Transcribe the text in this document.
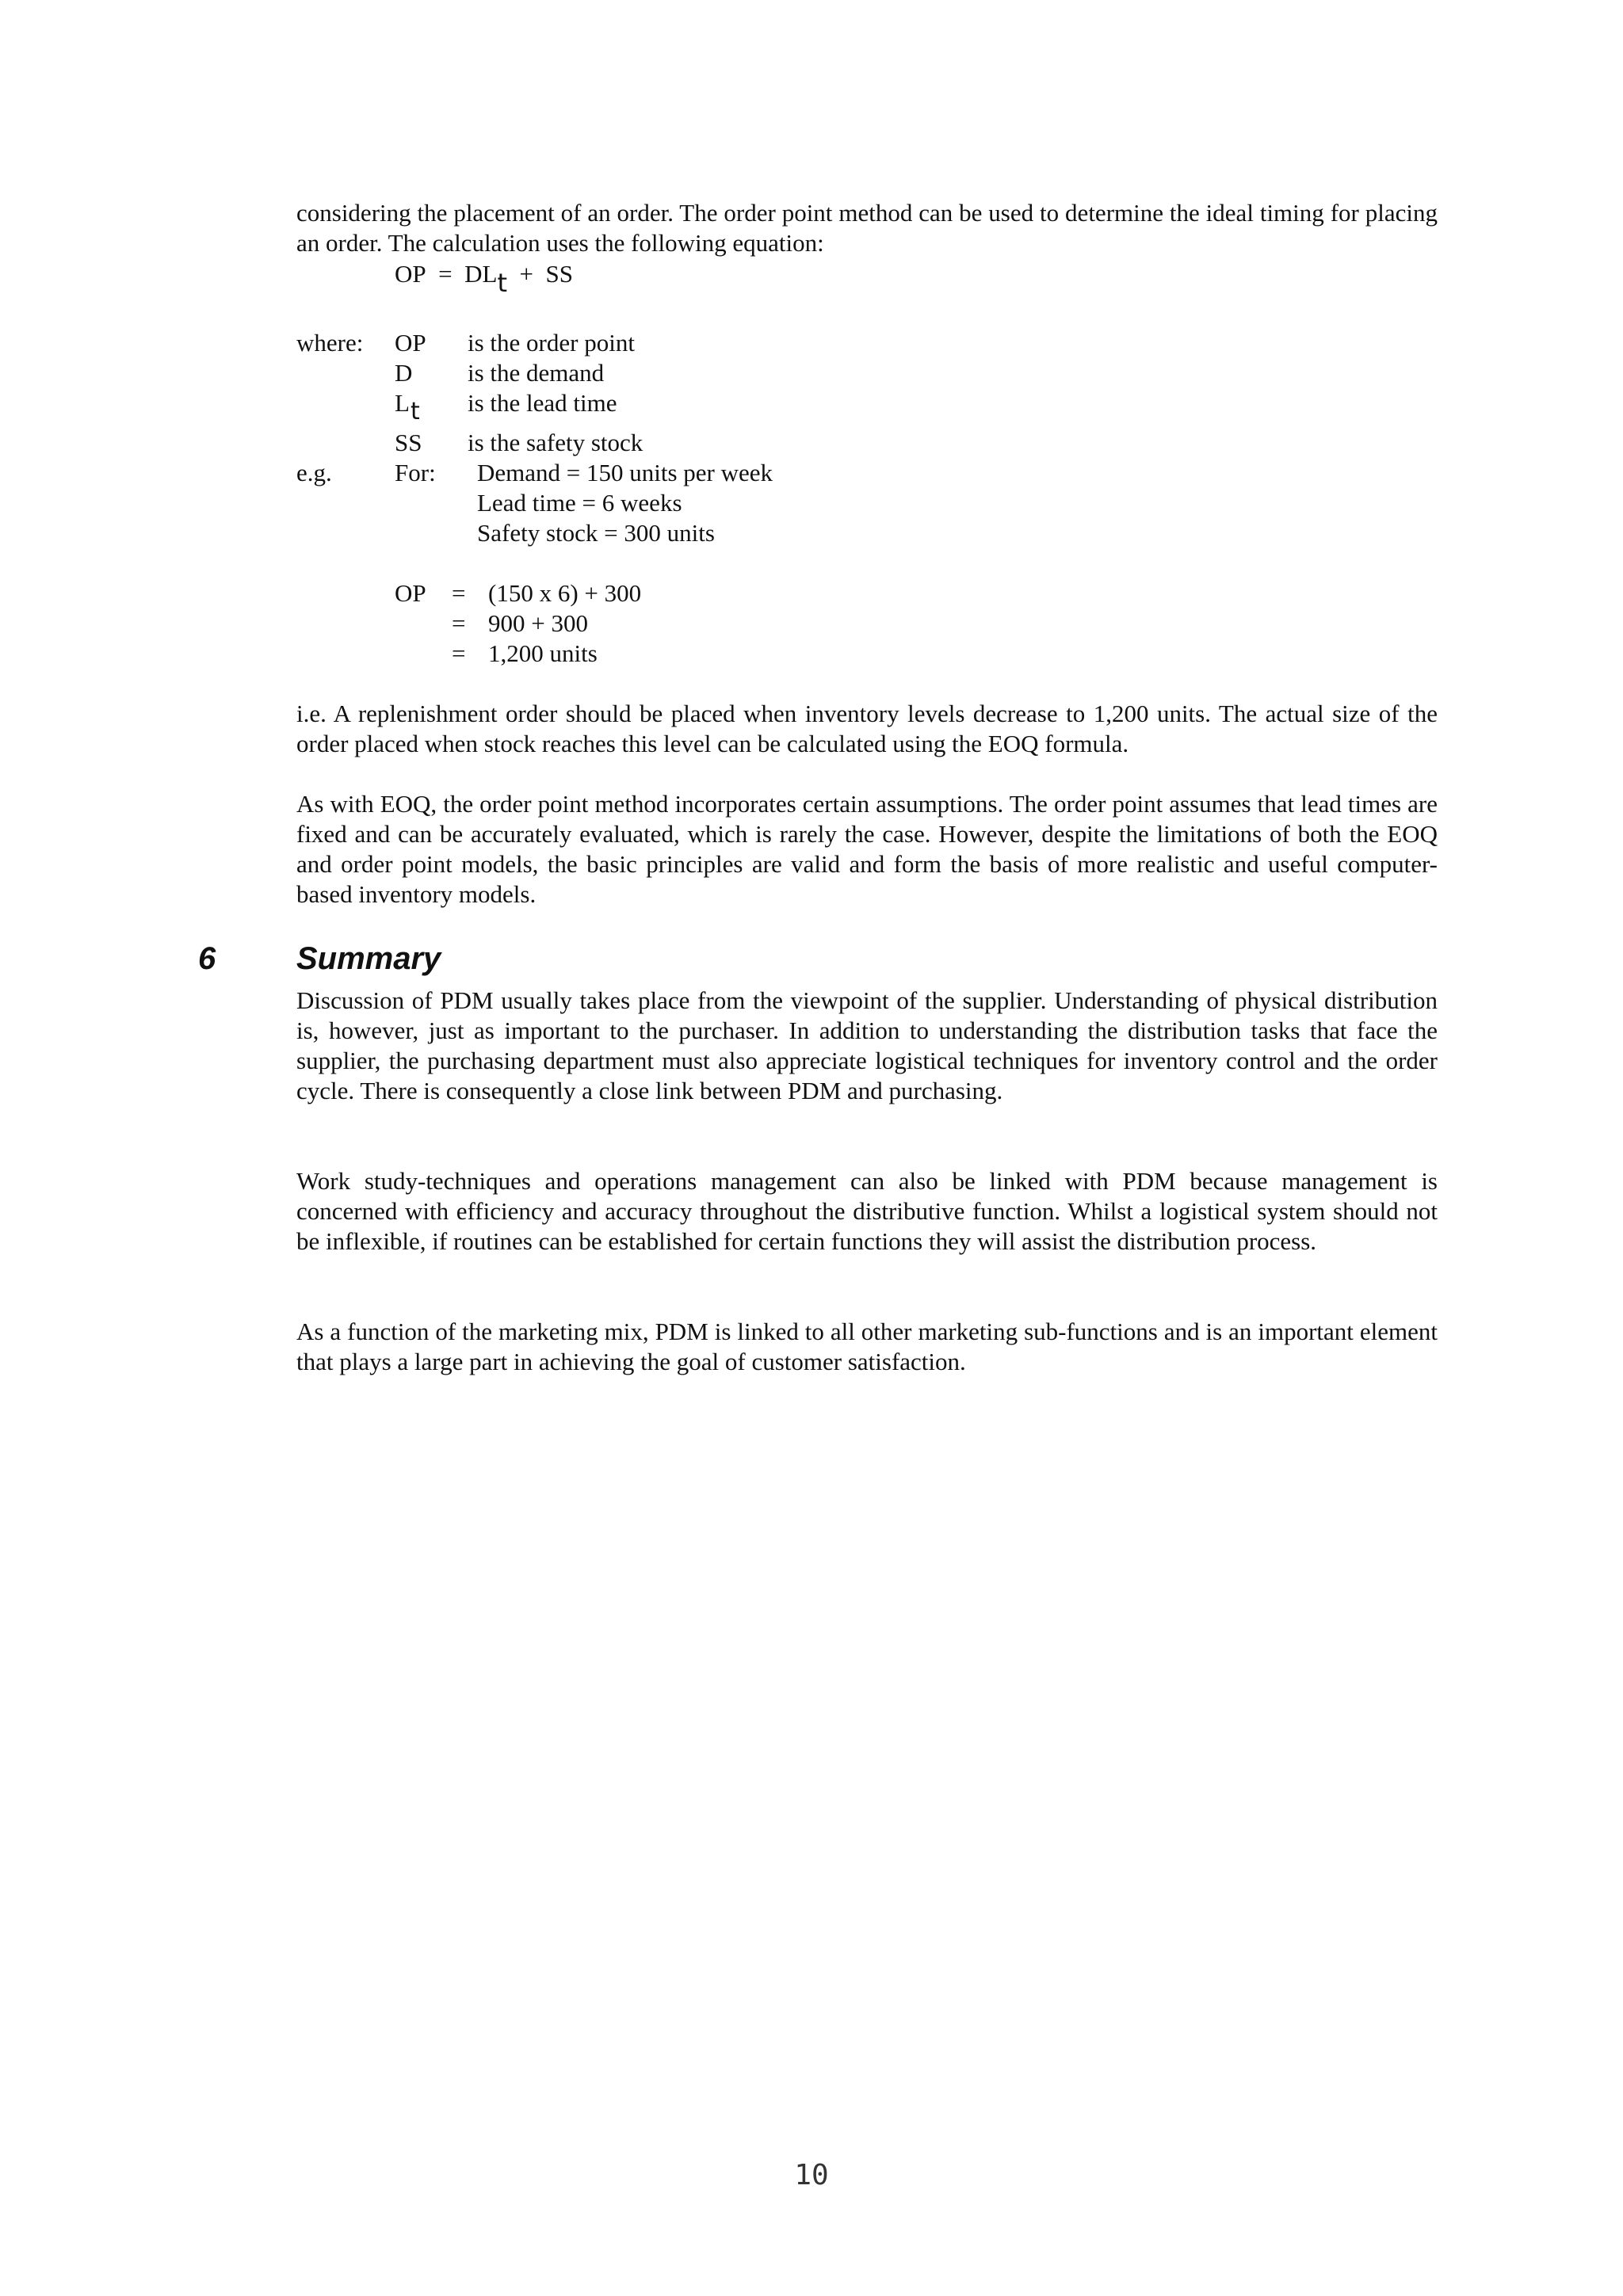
considering the placement of an order. The order point method can be used to determine the ideal timing for placing an order. The calculation uses the following equation:

OP = DLt + SS
where: OP is the order point
D is the demand
Lt is the lead time
SS is the safety stock
e.g.	For: Demand = 150 units per week
Lead time = 6 weeks
Safety stock = 300 units
OP = (150 x 6) + 300
= 900 + 300
= 1,200 units

i.e. A replenishment order should be placed when inventory levels decrease to 1,200 units. The actual size of the order placed when stock reaches this level can be calculated using the EOQ formula.

As with EOQ, the order point method incorporates certain assumptions. The order point assumes that lead times are fixed and can be accurately evaluated, which is rarely the case. However, despite the limitations of both the EOQ and order point models, the basic principles are valid and form the basis of more realistic and useful computer-based inventory models.

6	Summary

Discussion of PDM usually takes place from the viewpoint of the supplier. Understanding of physical distribution is, however, just as important to the purchaser. In addition to understanding the distribution tasks that face the supplier, the purchasing department must also appreciate logistical techniques for inventory control and the order cycle. There is consequently a close link between PDM and purchasing.

Work study-techniques and operations management can also be linked with PDM because management is concerned with efficiency and accuracy throughout the distributive function. Whilst a logistical system should not be inflexible, if routines can be established for certain functions they will assist the distribution process.

As a function of the marketing mix, PDM is linked to all other marketing sub-functions and is an important element that plays a large part in achieving the goal of customer satisfaction.

10
